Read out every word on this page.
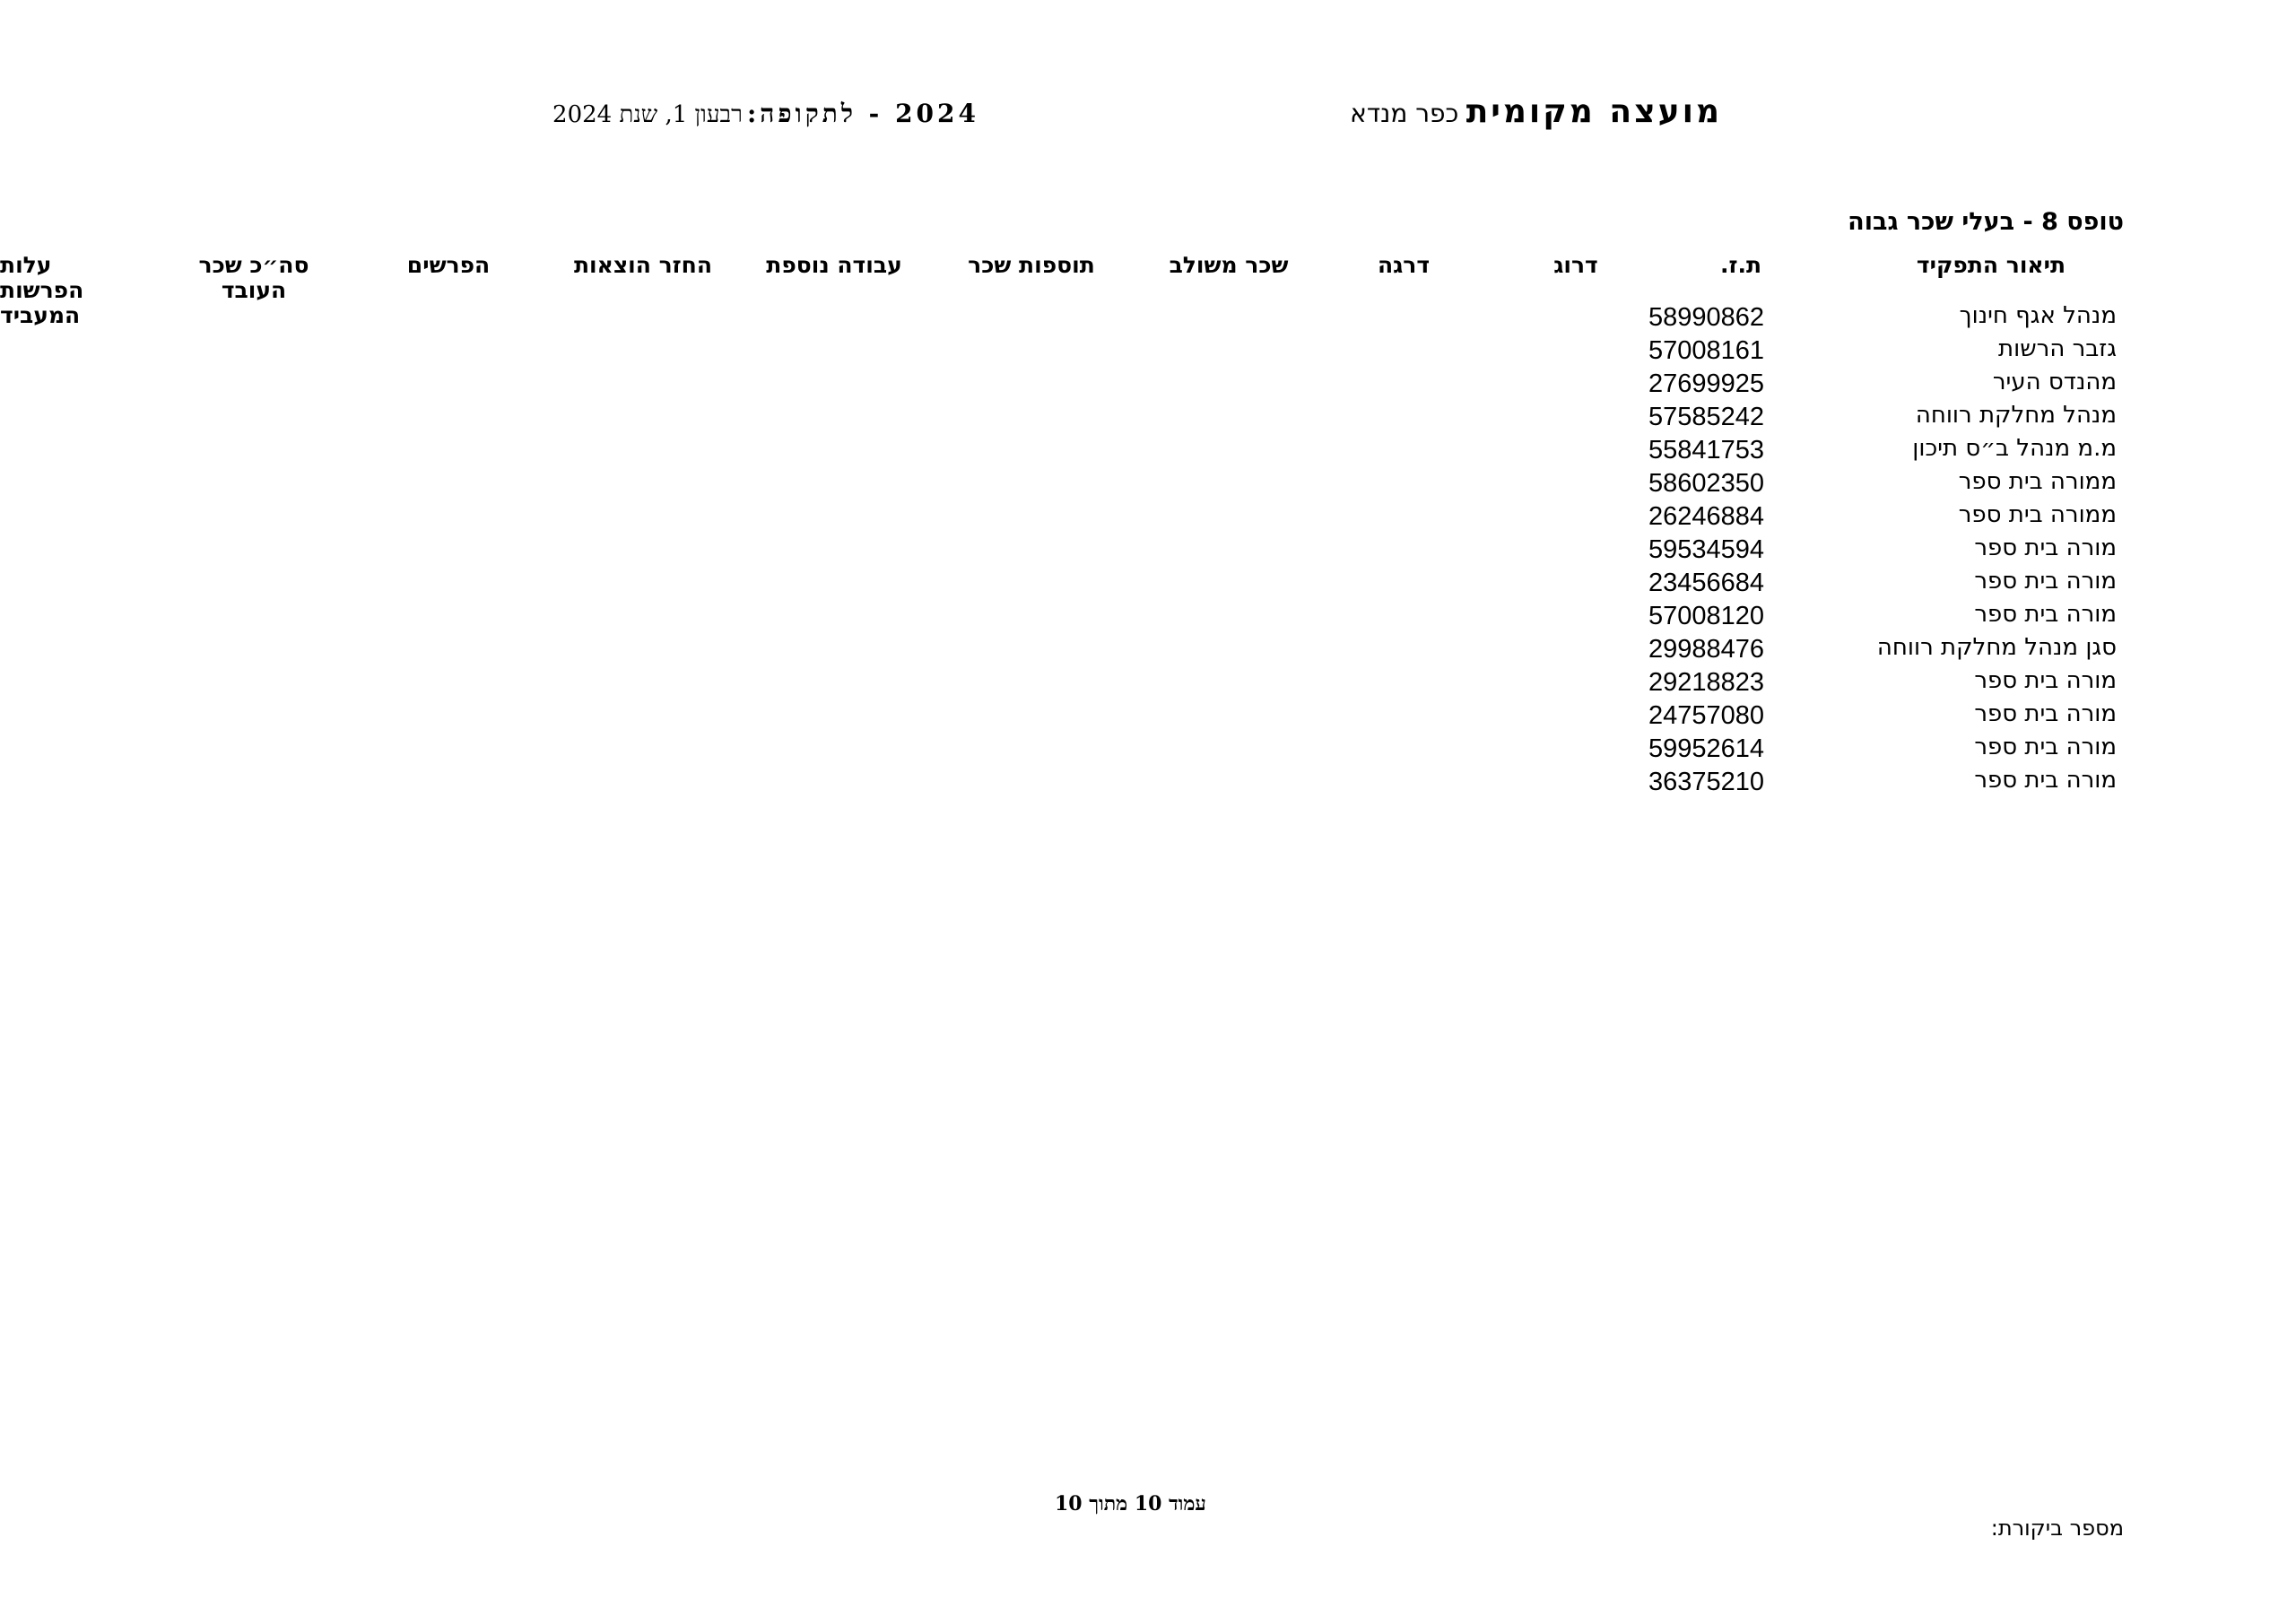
מועצה מקומית כפר מנדא
2024 - לתקופה: רבעון 1, שנת 2024
טופס 8 - בעלי שכר גבוה
תיאור התפקיד
ת.ז.
דרוג
דרגה
שכר משולב
תוספות שכר
עבודה נוספת
החזר הוצאות
הפרשים
סה״כ שכר העובד
עלות הפרשות המעביד	מנהל אגף חינוך
58990862
גזבר הרשות
57008161
מהנדס העיר
27699925
מנהל מחלקת רווחה
57585242
מ.מ מנהל ב״ס תיכון
55841753
ממורה בית ספר
58602350
ממורה בית ספר
26246884
מורה בית ספר
59534594
מורה בית ספר
23456684
מורה בית ספר
57008120
סגן מנהל מחלקת רווחה
29988476
מורה בית ספר
29218823
מורה בית ספר
24757080
מורה בית ספר
59952614
מורה בית ספר
36375210
עמוד 10 מתוך 10
מספר ביקורת:
